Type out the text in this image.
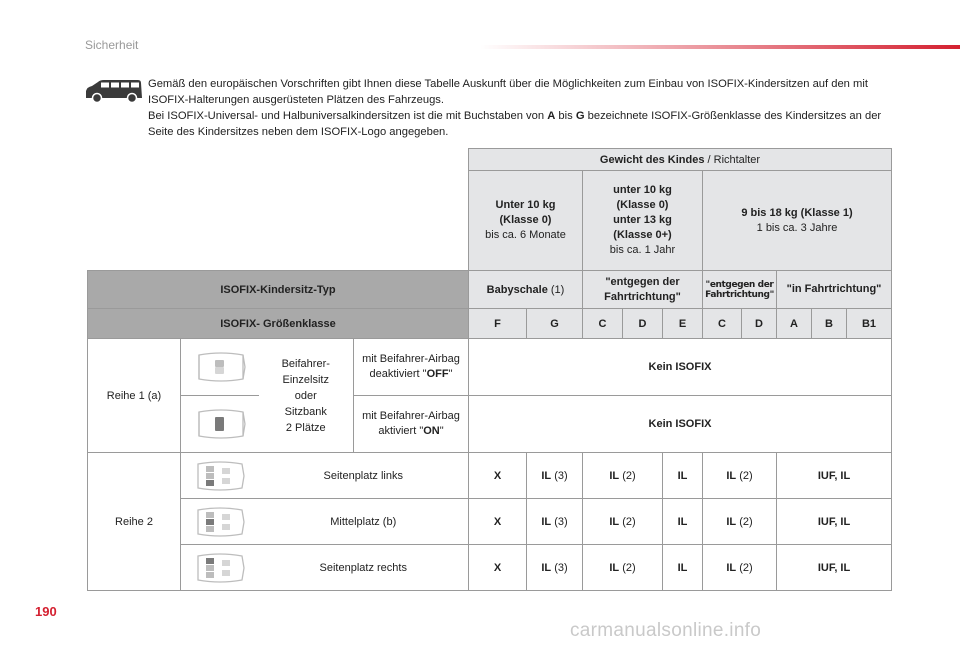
Sicherheit

Gemäß den europäischen Vorschriften gibt Ihnen diese Tabelle Auskunft über die Möglichkeiten zum Einbau von ISOFIX-Kindersitzen auf den mit ISOFIX-Halterungen ausgerüsteten Plätzen des Fahrzeugs.

Bei ISOFIX-Universal- und Halbuniversalkindersitzen ist die mit Buchstaben von A bis G bezeichnete ISOFIX-Größenklasse des Kindersitzes an der Seite des Kindersitzes neben dem ISOFIX-Logo angegeben.

				Gewicht des Kindes / Richtalter									
				Unter 10 kg
(Klasse 0)
bis ca. 6 Monate		unter 10 kg
(Klasse 0)
unter 13 kg
(Klasse 0+)
bis ca. 1 Jahr			9 bis 18 kg (Klasse 1)
1 bis ca. 3 Jahre				
ISOFIX-Kindersitz-Typ				Babyschale (1)		"entgegen der Fahrtrichtung"			"entgegen der
Fahrtrichtung"		"in Fahrtrichtung"		
ISOFIX- Größenklasse				F	G	C	D	E	C	D	A	B	B1
Reihe 1 (a)		Beifahrer-
Einzelsitz
oder
Sitzbank
2 Plätze	mit Beifahrer-Airbag deaktiviert "OFF"	Kein ISOFIX									

	mit Beifahrer-Airbag aktiviert "ON"	Kein ISOFIX									
Reihe 2		Seitenplatz links		X	IL (3)	IL (2)		IL	IL (2)		IUF, IL		

	Mittelplatz (b)		X	IL (3)	IL (2)		IL	IL (2)		IUF, IL		

	Seitenplatz rechts		X	IL (3)	IL (2)		IL	IL (2)		IUF, IL		
190
carmanualsonline.info
